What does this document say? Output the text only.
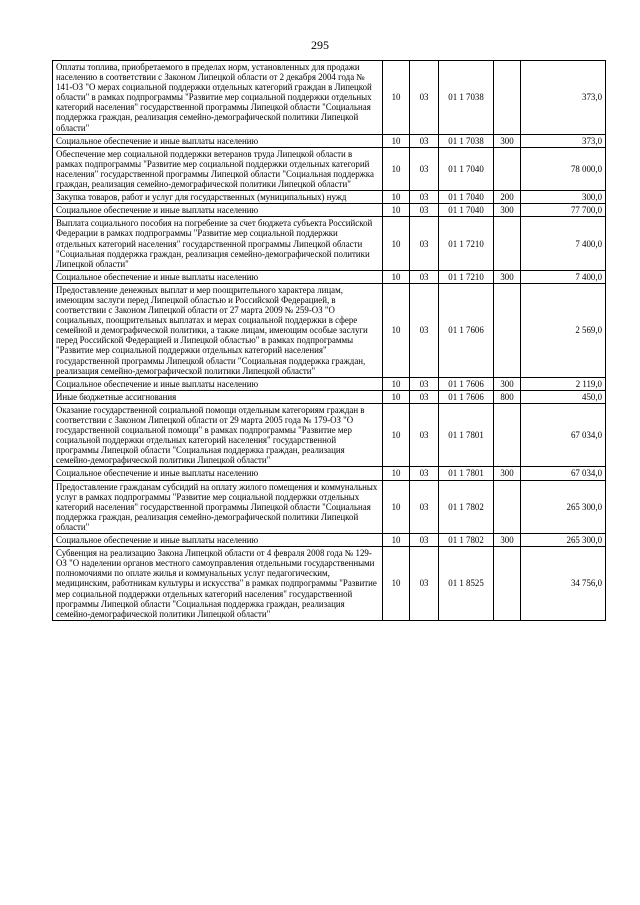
295
Оплаты топлива, приобретаемого в пределах норм, установленных для продажи населению в соответствии с Законом Липецкой области от 2 декабря 2004 года № 141-ОЗ "О мерах социальной поддержки отдельных категорий граждан в Липецкой области" в рамках подпрограммы "Развитие мер социальной поддержки отдельных категорий населения" государственной программы Липецкой области "Социальная поддержка граждан, реализация семейно-демографической политики Липецкой области"	10	03	01 1 7038		373,0
Социальное обеспечение и иные выплаты населению	10	03	01 1 7038	300	373,0
Обеспечение мер социальной поддержки ветеранов труда Липецкой области в рамках подпрограммы "Развитие мер социальной поддержки отдельных категорий населения" государственной программы Липецкой области "Социальная поддержка граждан, реализация семейно-демографической политики Липецкой области"	10	03	01 1 7040		78 000,0
Закупка товаров, работ и услуг для государственных (муниципальных) нужд	10	03	01 1 7040	200	300,0
Социальное обеспечение и иные выплаты населению	10	03	01 1 7040	300	77 700,0
Выплата социального пособия на погребение за счет бюджета субъекта Российской Федерации в рамках подпрограммы "Развитие мер социальной поддержки отдельных категорий населения" государственной программы Липецкой области "Социальная поддержка граждан, реализация семейно-демографической политики Липецкой области"	10	03	01 1 7210		7 400,0
Социальное обеспечение и иные выплаты населению	10	03	01 1 7210	300	7 400,0
Предоставление денежных выплат и мер поощрительного характера лицам, имеющим заслуги перед Липецкой областью и Российской Федерацией, в соответствии с Законом Липецкой области от 27 марта 2009 № 259-ОЗ "О социальных, поощрительных выплатах и мерах социальной поддержки в сфере семейной и демографической политики, а также лицам, имеющим особые заслуги перед Российской Федерацией и Липецкой областью" в рамках подпрограммы "Развитие мер социальной поддержки отдельных категорий населения" государственной программы Липецкой области "Социальная поддержка граждан, реализация семейно-демографической политики Липецкой области"	10	03	01 1 7606		2 569,0
Социальное обеспечение и иные выплаты населению	10	03	01 1 7606	300	2 119,0
Иные бюджетные ассигнования	10	03	01 1 7606	800	450,0
Оказание государственной социальной помощи отдельным категориям граждан в соответствии с Законом Липецкой области от 29 марта 2005 года № 179-ОЗ "О государственной социальной помощи" в рамках подпрограммы "Развитие мер социальной поддержки отдельных категорий населения" государственной программы Липецкой области "Социальная поддержка граждан, реализация семейно-демографической политики Липецкой области"	10	03	01 1 7801		67 034,0
Социальное обеспечение и иные выплаты населению	10	03	01 1 7801	300	67 034,0
Предоставление гражданам субсидий на оплату жилого помещения и коммунальных услуг в рамках подпрограммы "Развитие мер социальной поддержки отдельных категорий населения" государственной программы Липецкой области "Социальная поддержка граждан, реализация семейно-демографической политики Липецкой области"	10	03	01 1 7802		265 300,0
Социальное обеспечение и иные выплаты населению	10	03	01 1 7802	300	265 300,0
Субвенция на реализацию Закона Липецкой области от 4 февраля 2008 года № 129-ОЗ "О наделении органов местного самоуправления отдельными государственными полномочиями по оплате жилья и коммунальных услуг педагогическим, медицинским, работникам культуры и искусства" в рамках подпрограммы "Развитие мер социальной поддержки отдельных категорий населения" государственной программы Липецкой области "Социальная поддержка граждан, реализация семейно-демографической политики Липецкой области"	10	03	01 1 8525		34 756,0
